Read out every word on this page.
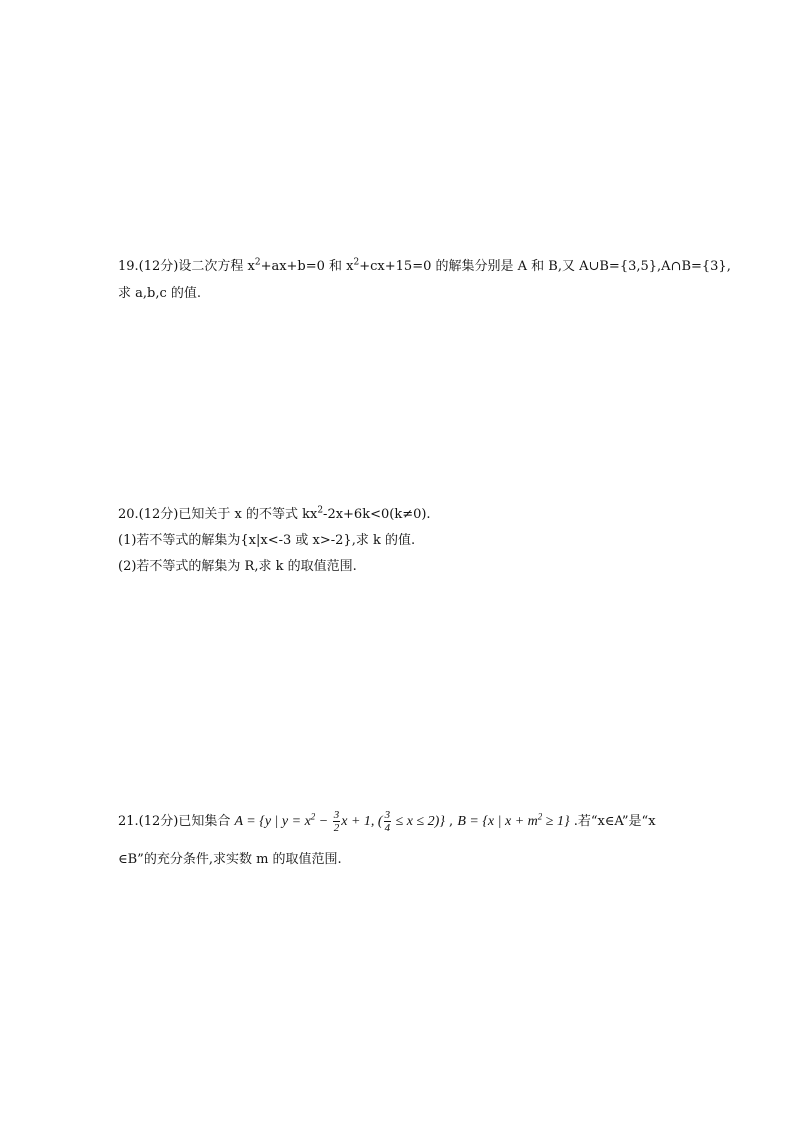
19.(12分)设二次方程 $x^2+ax+b=0$ 和 $x^2+cx+15=0$ 的解集分别是 A 和 B,又 A∪B={3,5},A∩B={3},
求 a,b,c 的值.
20.(12分)已知关于 x 的不等式 $kx^2-2x+6k<0(k\ne 0)$.
(1)若不等式的解集为{x|x<-3 或 x>-2},求 k 的值.
(2)若不等式的解集为 R,求 k 的取值范围.
21.(12分)已知集合 A = {y | $y = x^2 - \frac{3}{2}$ x + 1, ( $\frac{3}{4} \le x \le 2$)} , B = {x | $x + m^2 \ge 1$} .若“x∈A”是“x
∈B”的充分条件,求实数 m 的取值范围.
